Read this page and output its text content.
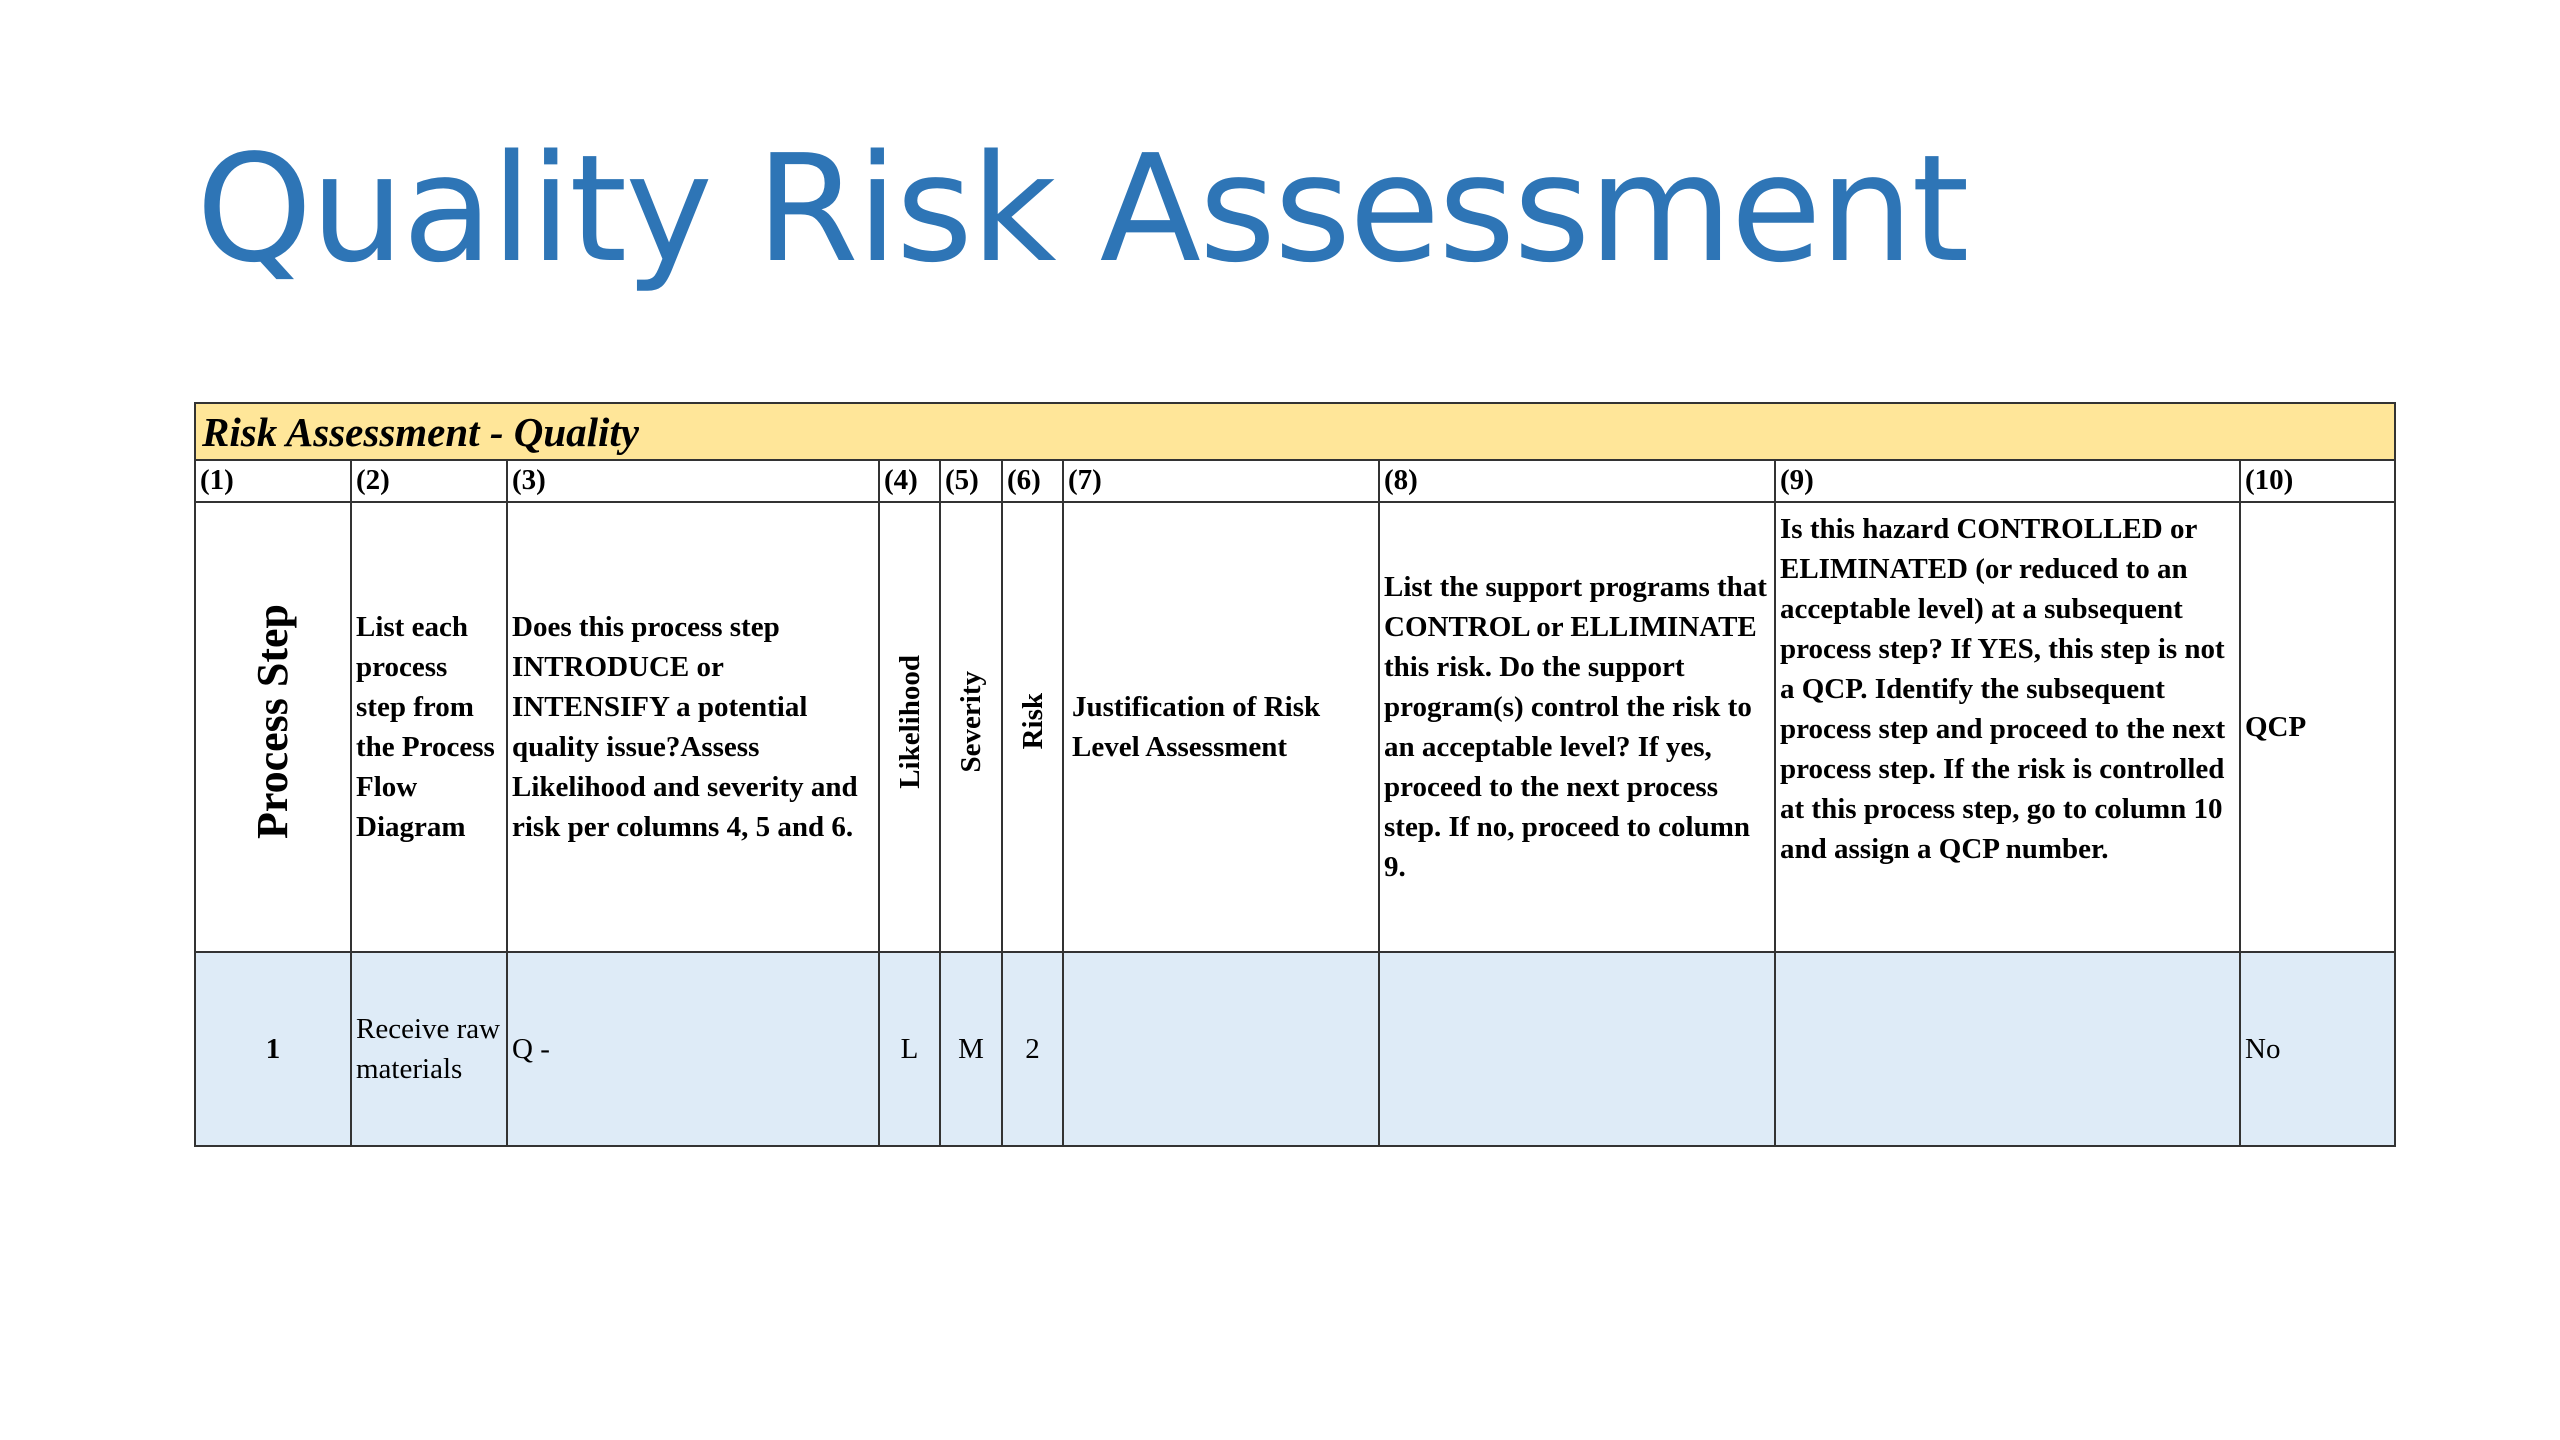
Quality Risk Assessment
Risk Assessment - Quality									
(1)	(2)	(3)	(4)	(5)	(6)	(7)	(8)	(9)	(10)
Process Step	List each process step from the Process Flow Diagram	Does this process step INTRODUCE or INTENSIFY a potential quality issue?Assess Likelihood and severity and risk per columns 4, 5 and 6.	Likelihood	Severity	Risk	Justification of Risk Level Assessment	List the support programs that CONTROL or ELLIMINATE this risk. Do the support program(s) control the risk to an acceptable level? If yes, proceed to the next process step. If no, proceed to column 9.	Is this hazard CONTROLLED or ELIMINATED (or reduced to an acceptable level) at a subsequent process step? If YES, this step is not a QCP. Identify the subsequent process step and proceed to the next process step. If the risk is controlled at this process step, go to column 10 and assign a QCP number.	QCP
1	Receive raw materials	Q -	L	M	2				No
